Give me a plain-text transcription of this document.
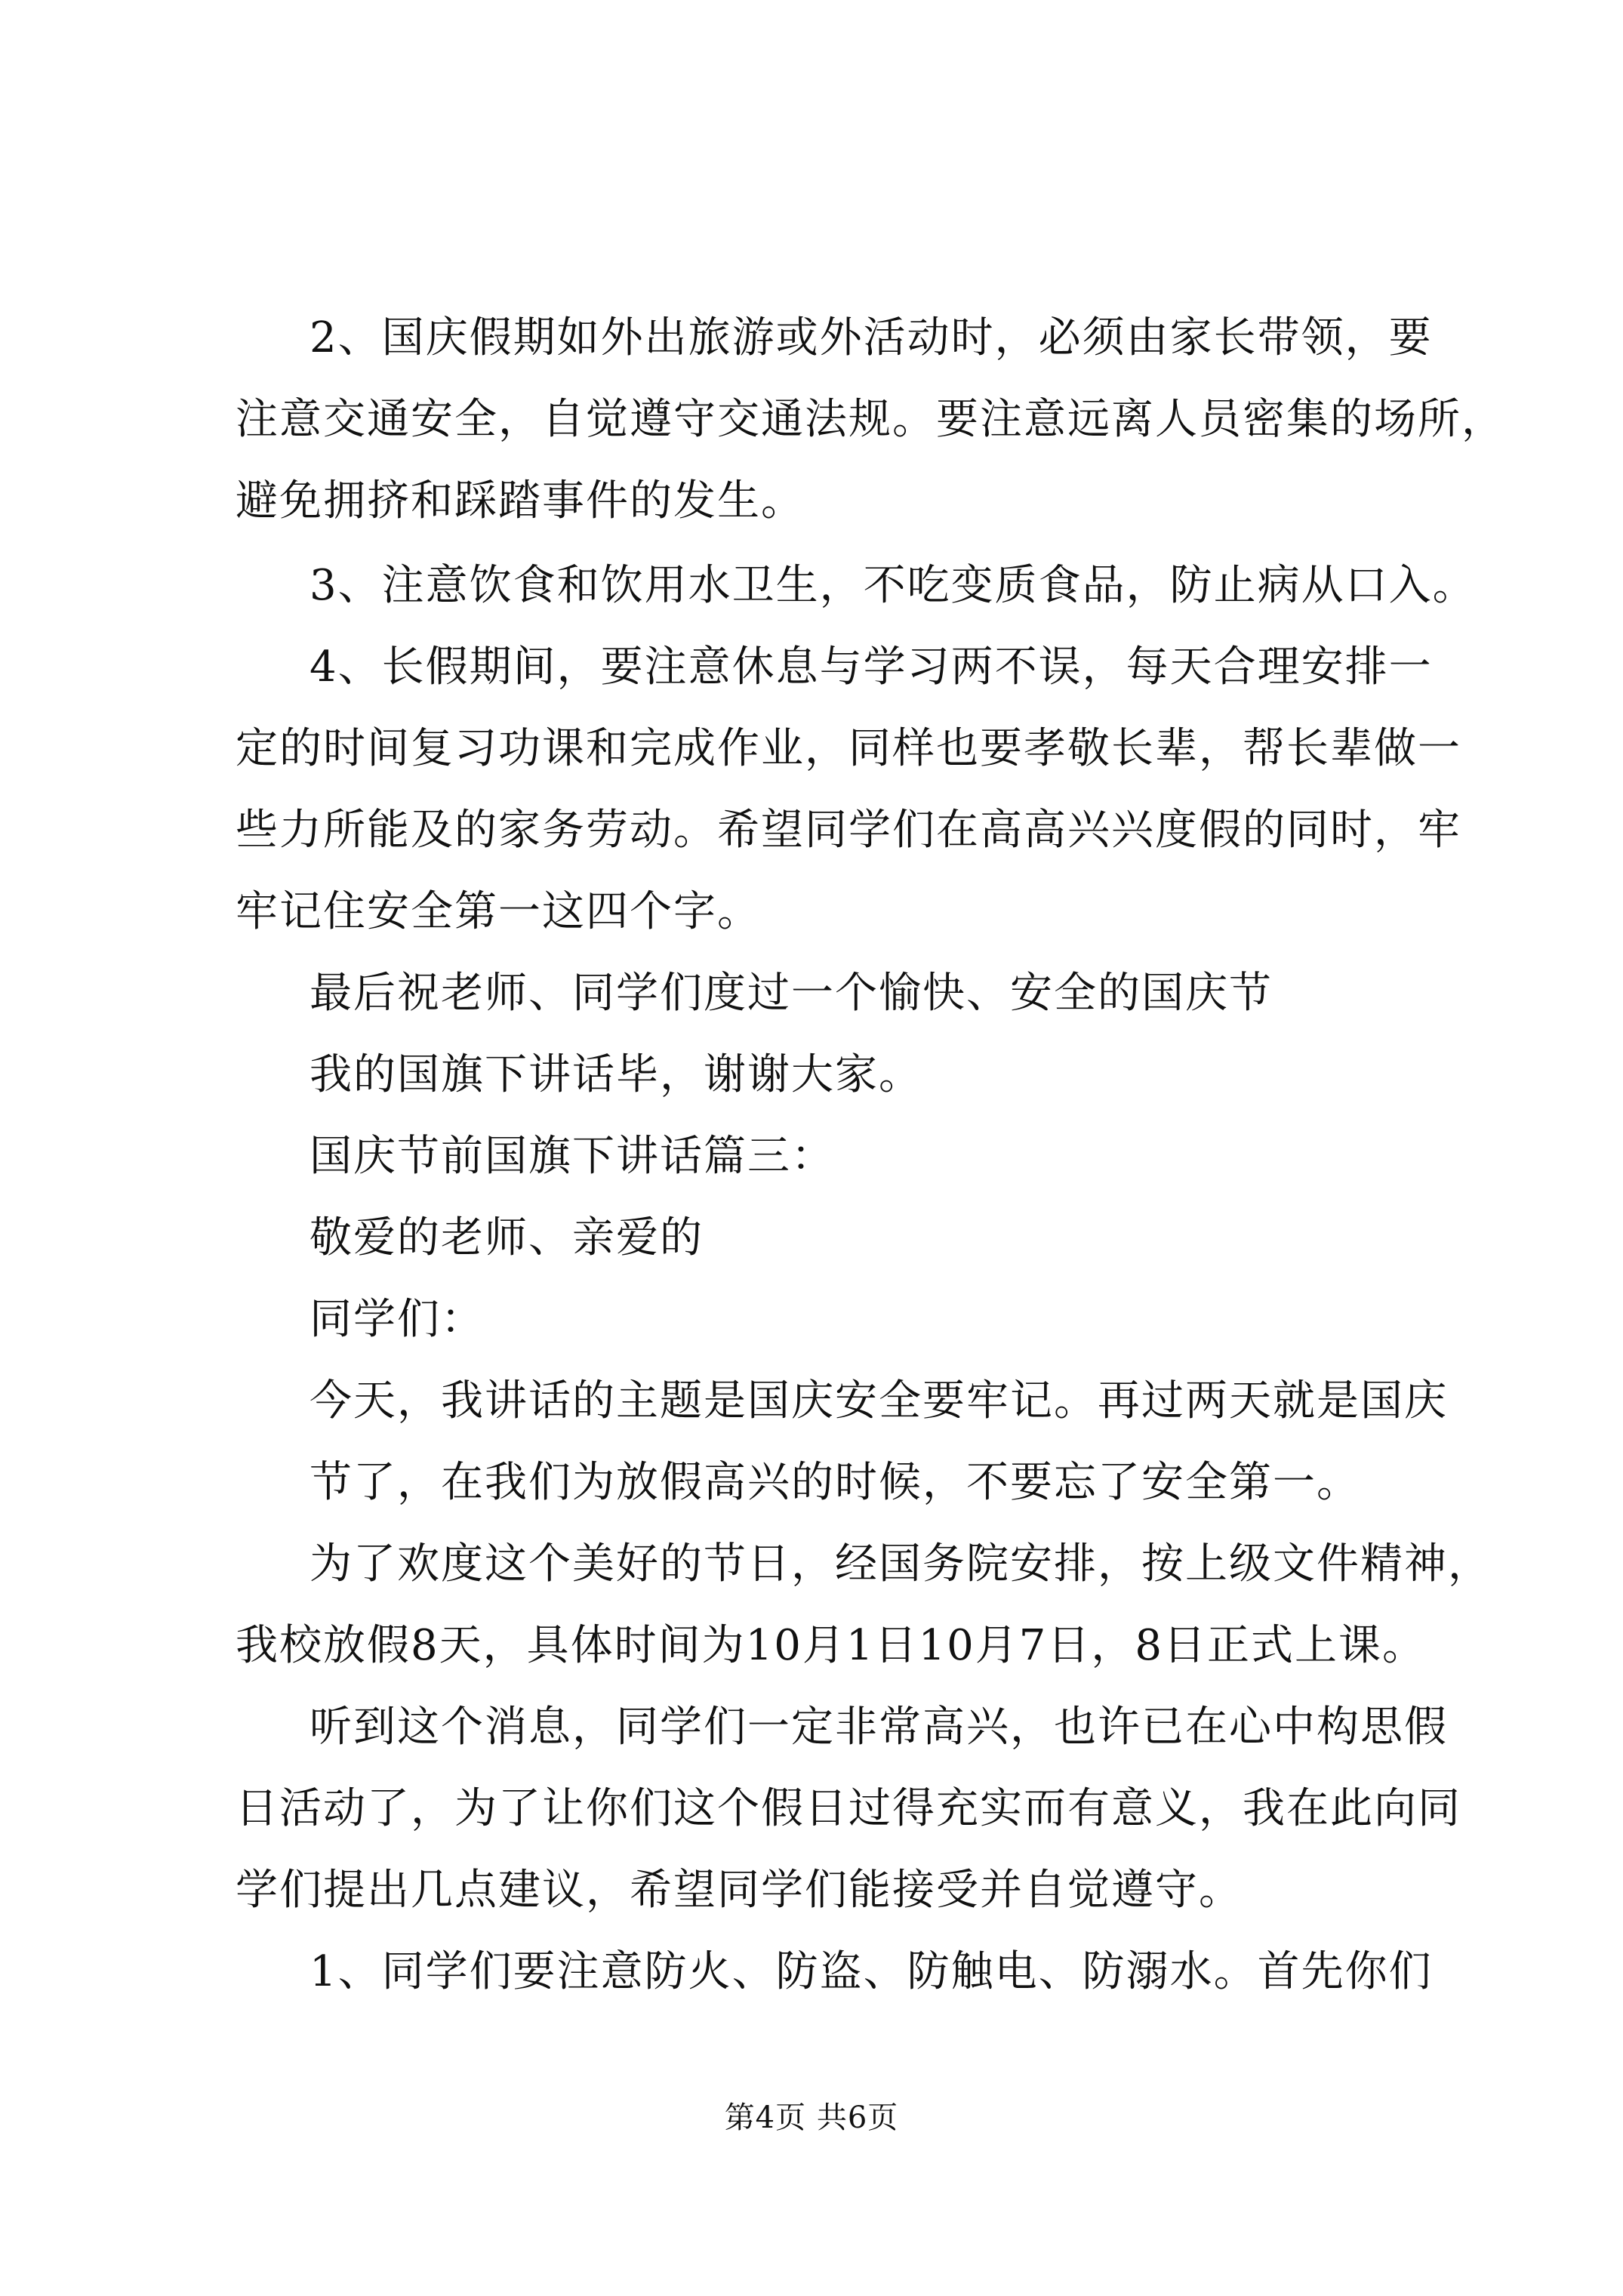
2、国庆假期如外出旅游或外活动时，必须由家长带领，要
注意交通安全，自觉遵守交通法规。要注意远离人员密集的场所，
避免拥挤和踩踏事件的发生。
3、注意饮食和饮用水卫生，不吃变质食品，防止病从口入。
4、长假期间，要注意休息与学习两不误，每天合理安排一
定的时间复习功课和完成作业，同样也要孝敬长辈，帮长辈做一
些力所能及的家务劳动。希望同学们在高高兴兴度假的同时，牢
牢记住安全第一这四个字。
最后祝老师、同学们度过一个愉快、安全的国庆节
我的国旗下讲话毕，谢谢大家。
国庆节前国旗下讲话篇三：
敬爱的老师、亲爱的
同学们：
今天，我讲话的主题是国庆安全要牢记。再过两天就是国庆
节了，在我们为放假高兴的时候，不要忘了安全第一。
为了欢度这个美好的节日，经国务院安排，按上级文件精神，
我校放假8天，具体时间为10月1日10月7日，8日正式上课。
听到这个消息，同学们一定非常高兴，也许已在心中构思假
日活动了，为了让你们这个假日过得充实而有意义，我在此向同
学们提出几点建议，希望同学们能接受并自觉遵守。
1、同学们要注意防火、防盗、防触电、防溺水。首先你们
第4页 共6页
